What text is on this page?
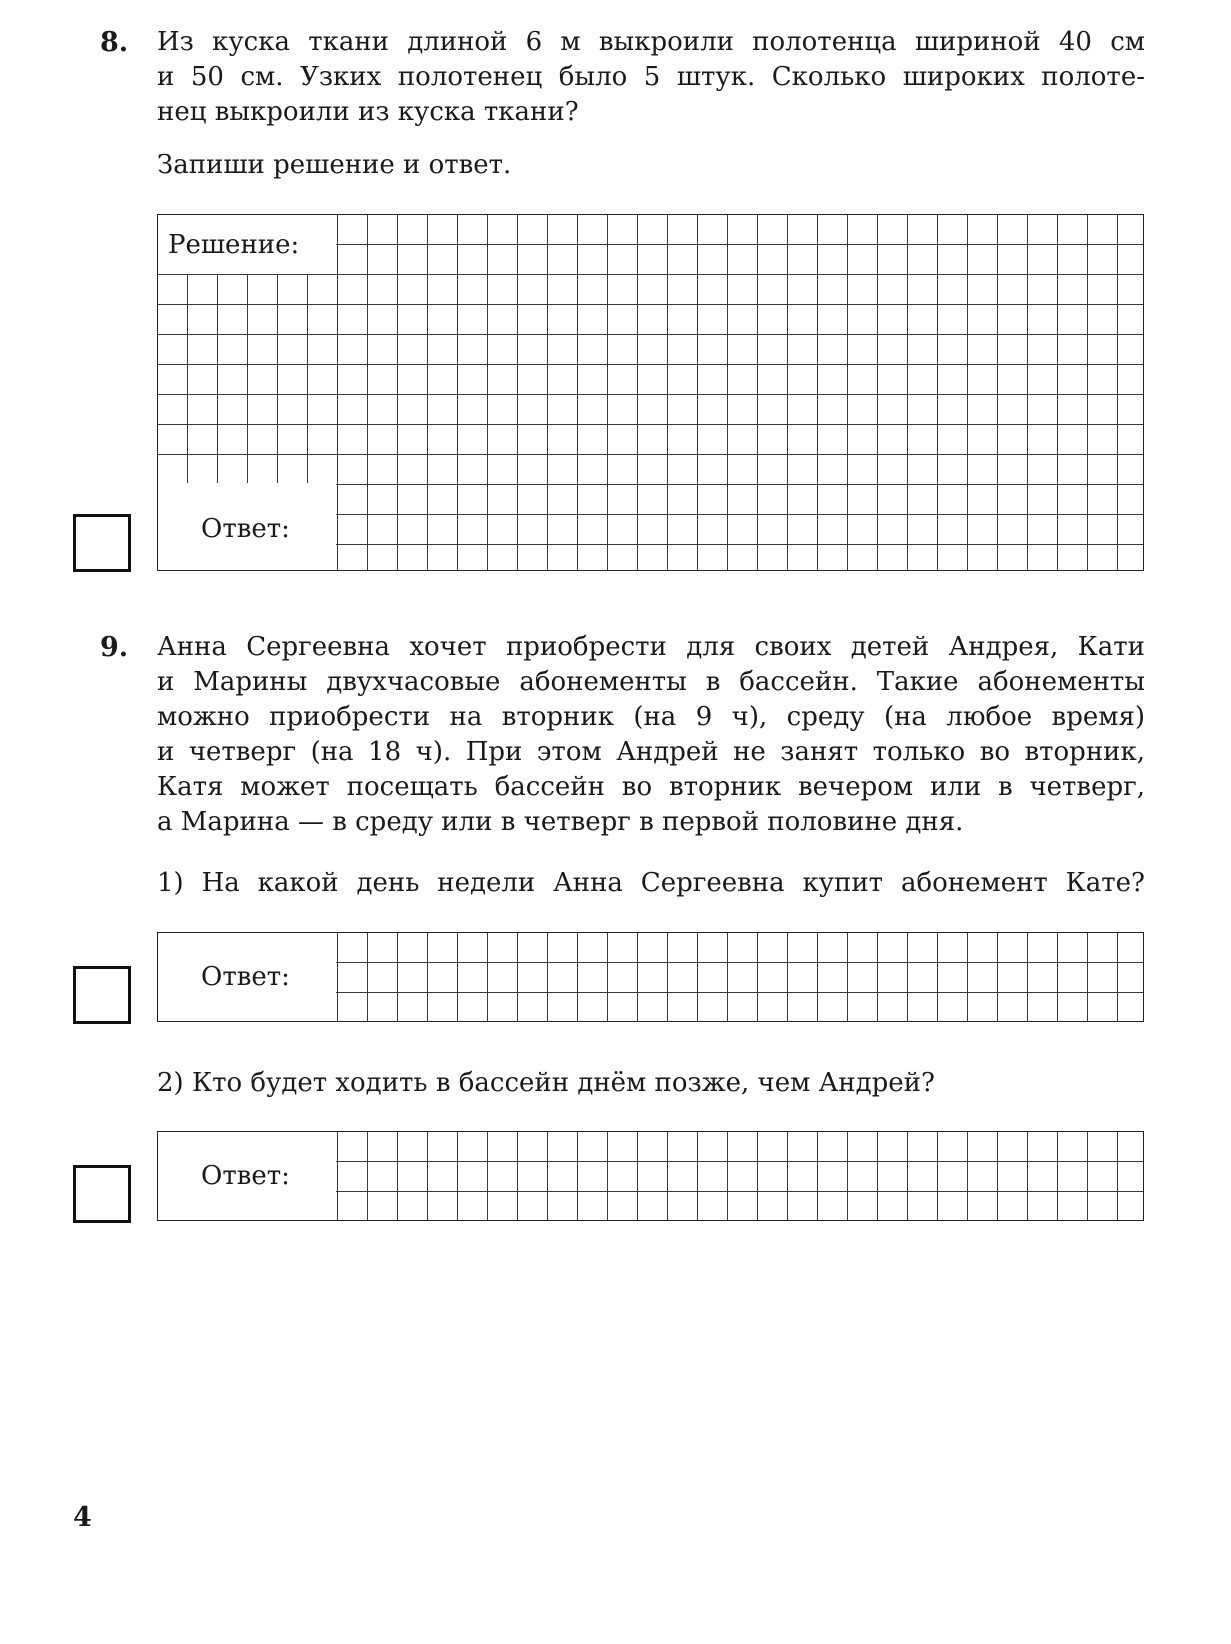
8. Из куска ткани длиной 6 м выкроили полотенца шириной 40 см
и 50 см. Узких полотенец было 5 штук. Сколько широких полоте-
нец выкроили из куска ткани?
Запиши решение и ответ.
Решение:
Ответ:
9. Анна Сергеевна хочет приобрести для своих детей Андрея, Кати
и Марины двухчасовые абонементы в бассейн. Такие абонементы
можно приобрести на вторник (на 9 ч), среду (на любое время)
и четверг (на 18 ч). При этом Андрей не занят только во вторник,
Катя может посещать бассейн во вторник вечером или в четверг,
а Марина — в среду или в четверг в первой половине дня.
1) На какой день недели Анна Сергеевна купит абонемент Кате?
Ответ:
2) Кто будет ходить в бассейн днём позже, чем Андрей?
Ответ:
4
